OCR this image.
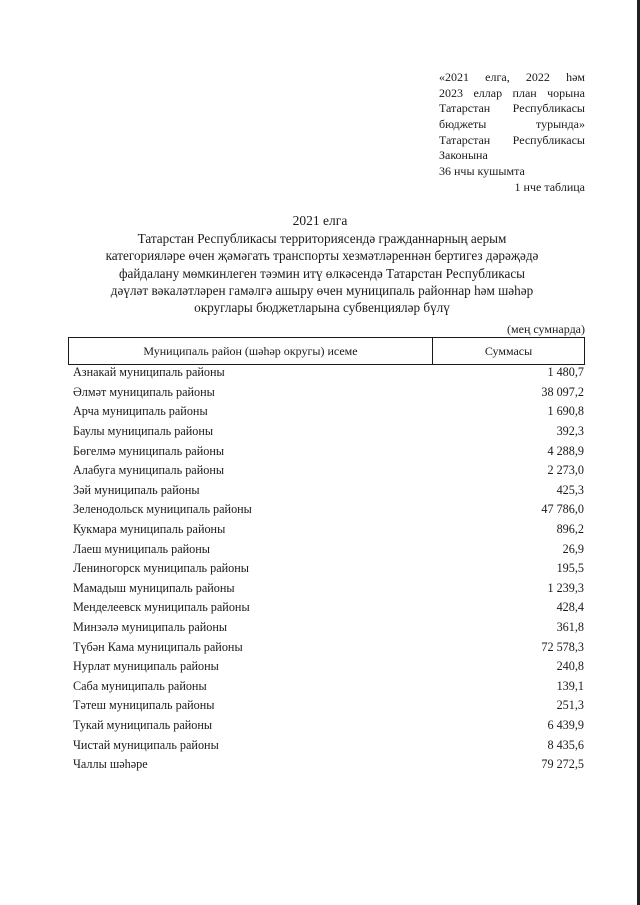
«2021 елга, 2022 һәм
2023 еллар план чорына
Татарстан Республикасы
бюджеты турында»
Татарстан Республикасы
Законына
36 нчы кушымта
1 нче таблица
2021 елга
Татарстан Республикасы территориясендә гражданнарның аерым
категорияләре өчен җәмәгать транспорты хезмәтләреннән бертигез дәрәҗәдә
файдалану мөмкинлеген тәэмин итү өлкәсендә Татарстан Республикасы
дәүләт вәкаләтләрен гамәлгә ашыру өчен муниципаль районнар һәм шәһәр
округлары бюджетларына субвенцияләр бүлү
(мең сумнарда)
Муниципаль район (шәһәр округы) исеме	Суммасы
Азнакай муниципаль районы	1 480,7
Әлмәт муниципаль районы	38 097,2
Арча муниципаль районы	1 690,8
Баулы муниципаль районы	392,3
Бөгелмә муниципаль районы	4 288,9
Алабуга муниципаль районы	2 273,0
Зәй муниципаль районы	425,3
Зеленодольск муниципаль районы	47 786,0
Кукмара муниципаль районы	896,2
Лаеш муниципаль районы	26,9
Лениногорск муниципаль районы	195,5
Мамадыш муниципаль районы	1 239,3
Менделеевск муниципаль районы	428,4
Минзәлә муниципаль районы	361,8
Түбән Кама муниципаль районы	72 578,3
Нурлат муниципаль районы	240,8
Саба муниципаль районы	139,1
Тәтеш муниципаль районы	251,3
Тукай муниципаль районы	6 439,9
Чистай муниципаль районы	8 435,6
Чаллы шәһәре	79 272,5
